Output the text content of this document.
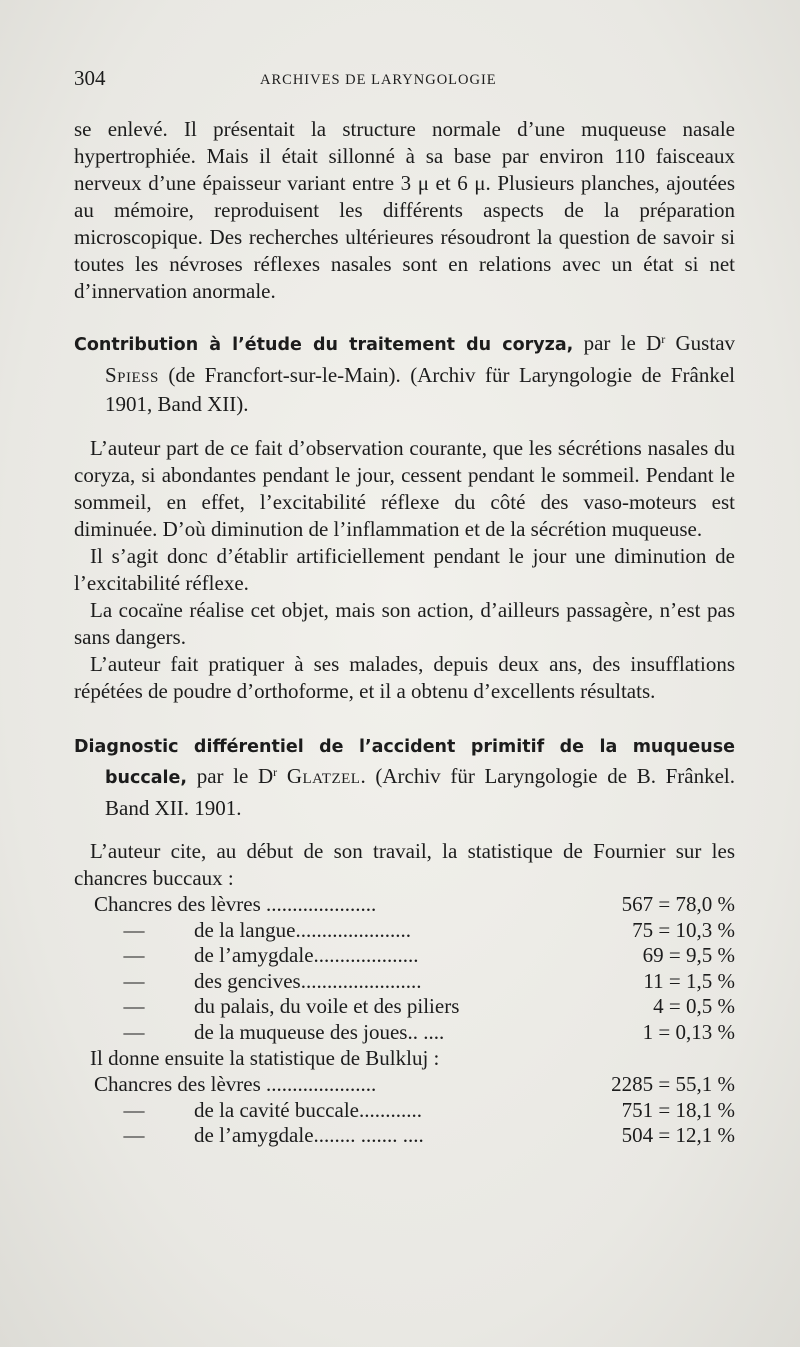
304	ARCHIVES DE LARYNGOLOGIE

se enlevé. Il présentait la structure normale d’une muqueuse nasale hypertrophiée. Mais il était sillonné à sa base par environ 110 faisceaux nerveux d’une épaisseur variant entre 3 μ et 6 μ. Plusieurs planches, ajoutées au mémoire, reproduisent les différents aspects de la préparation microscopique. Des recherches ultérieures résoudront la question de savoir si toutes les névroses réflexes nasales sont en relations avec un état si net d’innervation anormale.

Contribution à l’étude du traitement du coryza, par le $D^r$ Gustav Spiess (de Francfort-sur-le-Main). (Archiv für Laryngologie de Frânkel 1901, Band XII).

L’auteur part de ce fait d’observation courante, que les sécrétions nasales du coryza, si abondantes pendant le jour, cessent pendant le sommeil. Pendant le sommeil, en effet, l’excitabilité réflexe du côté des vaso-moteurs est diminuée. D’où diminution de l’inflammation et de la sécrétion muqueuse.

Il s’agit donc d’établir artificiellement pendant le jour une diminution de l’excitabilité réflexe.

La cocaïne réalise cet objet, mais son action, d’ailleurs passagère, n’est pas sans dangers.

L’auteur fait pratiquer à ses malades, depuis deux ans, des insufflations répétées de poudre d’orthoforme, et il a obtenu d’excellents résultats.

Diagnostic différentiel de l’accident primitif de la muqueuse buccale, par le $D^r$ Glatzel. (Archiv für Laryngologie de B. Frânkel. Band XII. 1901.

L’auteur cite, au début de son travail, la statistique de Fournier sur les chancres buccaux :

Chancres des lèvres .....................	567 = 78,0 %
— de la langue......................	75 = 10,3 %
— de l’amygdale....................	69 = 9,5 %
— des gencives.......................	11 = 1,5 %
— du palais, du voile et des piliers	4 = 0,5 %
— de la muqueuse des joues.. ....	1 = 0,13 %

Il donne ensuite la statistique de Bulkluj :

Chancres des lèvres .....................	2285 = 55,1 %
— de la cavité buccale............	751 = 18,1 %
— de l’amygdale........ ....... ....	504 = 12,1 %
